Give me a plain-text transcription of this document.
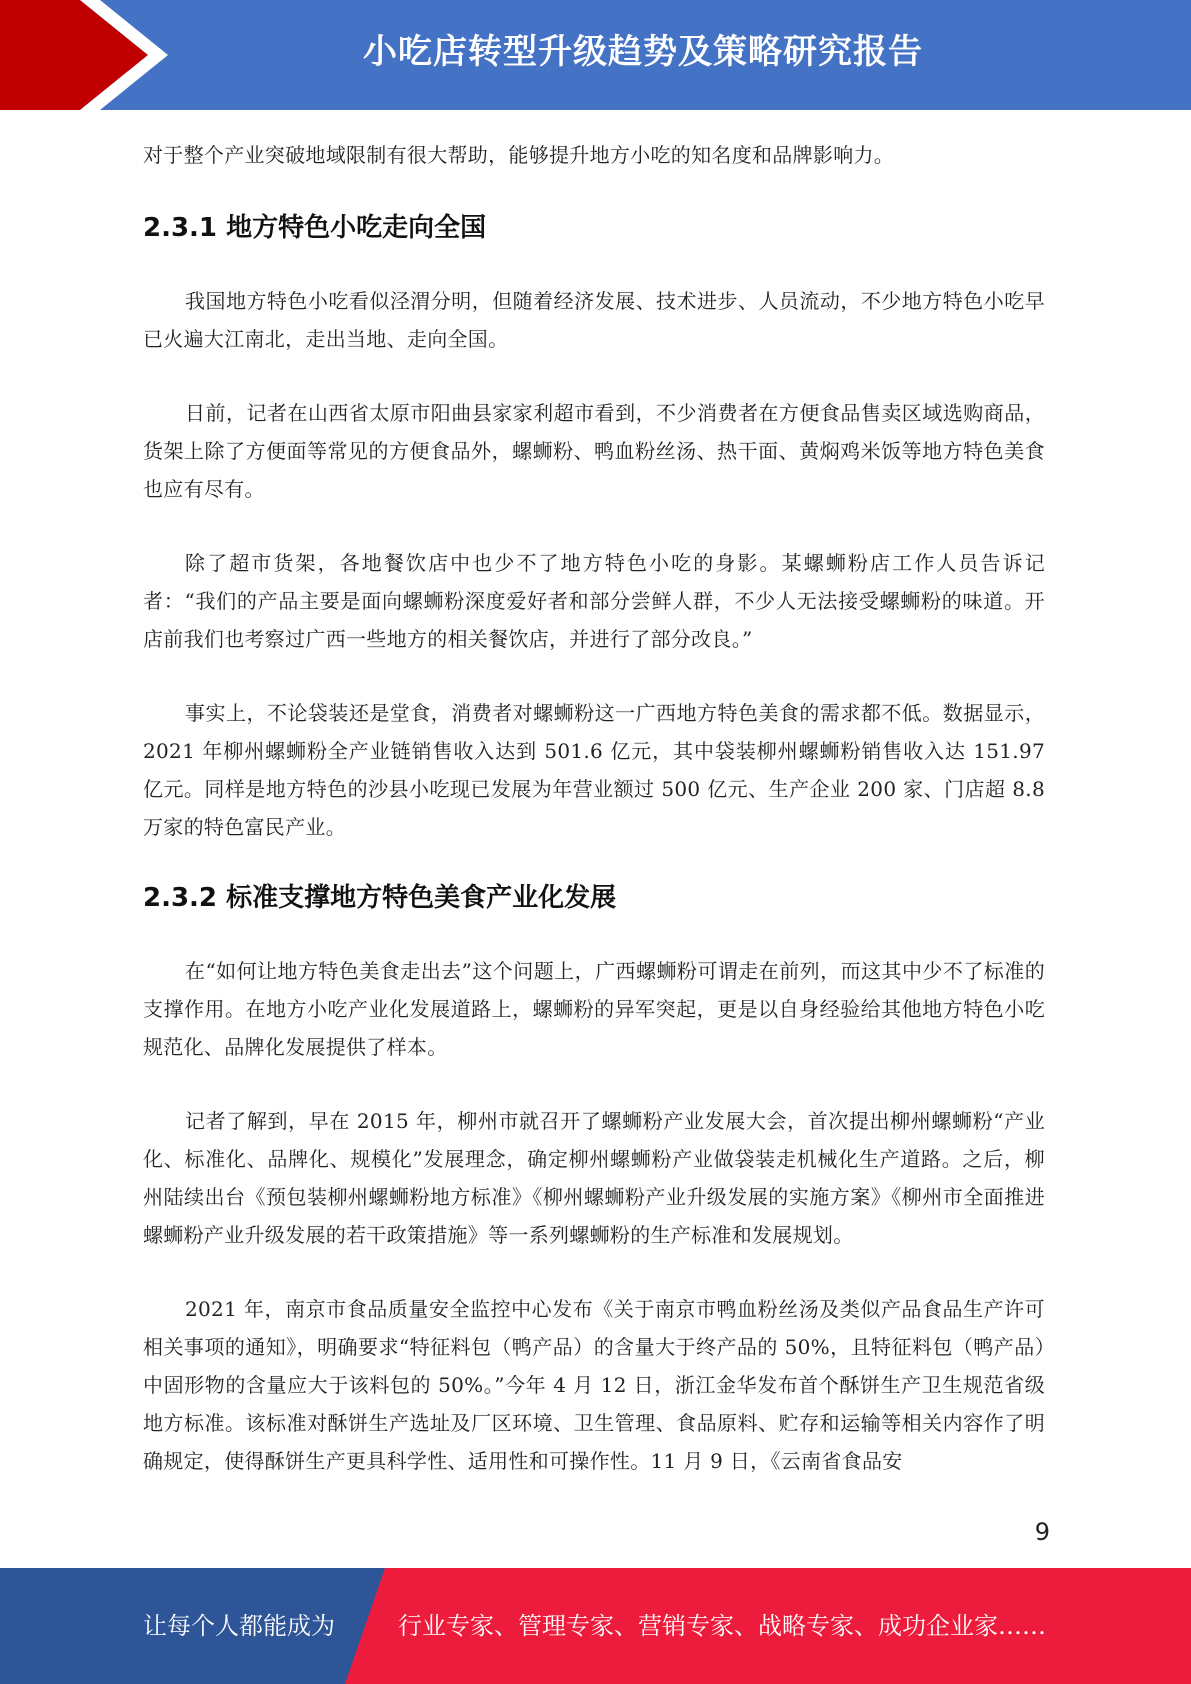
小吃店转型升级趋势及策略研究报告

对于整个产业突破地域限制有很大帮助，能够提升地方小吃的知名度和品牌影响力。

2.3.1 地方特色小吃走向全国

我国地方特色小吃看似泾渭分明，但随着经济发展、技术进步、人员流动，不少地方特色小吃早已火遍大江南北，走出当地、走向全国。

日前，记者在山西省太原市阳曲县家家利超市看到，不少消费者在方便食品售卖区域选购商品，货架上除了方便面等常见的方便食品外，螺蛳粉、鸭血粉丝汤、热干面、黄焖鸡米饭等地方特色美食也应有尽有。

除了超市货架，各地餐饮店中也少不了地方特色小吃的身影。某螺蛳粉店工作人员告诉记者：“我们的产品主要是面向螺蛳粉深度爱好者和部分尝鲜人群，不少人无法接受螺蛳粉的味道。开店前我们也考察过广西一些地方的相关餐饮店，并进行了部分改良。”

事实上，不论袋装还是堂食，消费者对螺蛳粉这一广西地方特色美食的需求都不低。数据显示，2021 年柳州螺蛳粉全产业链销售收入达到 501.6 亿元，其中袋装柳州螺蛳粉销售收入达 151.97 亿元。同样是地方特色的沙县小吃现已发展为年营业额过 500 亿元、生产企业 200 家、门店超 8.8 万家的特色富民产业。

2.3.2 标准支撑地方特色美食产业化发展

在“如何让地方特色美食走出去”这个问题上，广西螺蛳粉可谓走在前列，而这其中少不了标准的支撑作用。在地方小吃产业化发展道路上，螺蛳粉的异军突起，更是以自身经验给其他地方特色小吃规范化、品牌化发展提供了样本。

记者了解到，早在 2015 年，柳州市就召开了螺蛳粉产业发展大会，首次提出柳州螺蛳粉“产业化、标准化、品牌化、规模化”发展理念，确定柳州螺蛳粉产业做袋装走机械化生产道路。之后，柳州陆续出台《预包装柳州螺蛳粉地方标准》《柳州螺蛳粉产业升级发展的实施方案》《柳州市全面推进螺蛳粉产业升级发展的若干政策措施》等一系列螺蛳粉的生产标准和发展规划。

2021 年，南京市食品质量安全监控中心发布《关于南京市鸭血粉丝汤及类似产品食品生产许可相关事项的通知》，明确要求“特征料包（鸭产品）的含量大于终产品的 50%，且特征料包（鸭产品）中固形物的含量应大于该料包的 50%。”今年 4 月 12 日，浙江金华发布首个酥饼生产卫生规范省级地方标准。该标准对酥饼生产选址及厂区环境、卫生管理、食品原料、贮存和运输等相关内容作了明确规定，使得酥饼生产更具科学性、适用性和可操作性。11 月 9 日，《云南省食品安

9
让每个人都能成为	行业专家、管理专家、营销专家、战略专家、成功企业家……
